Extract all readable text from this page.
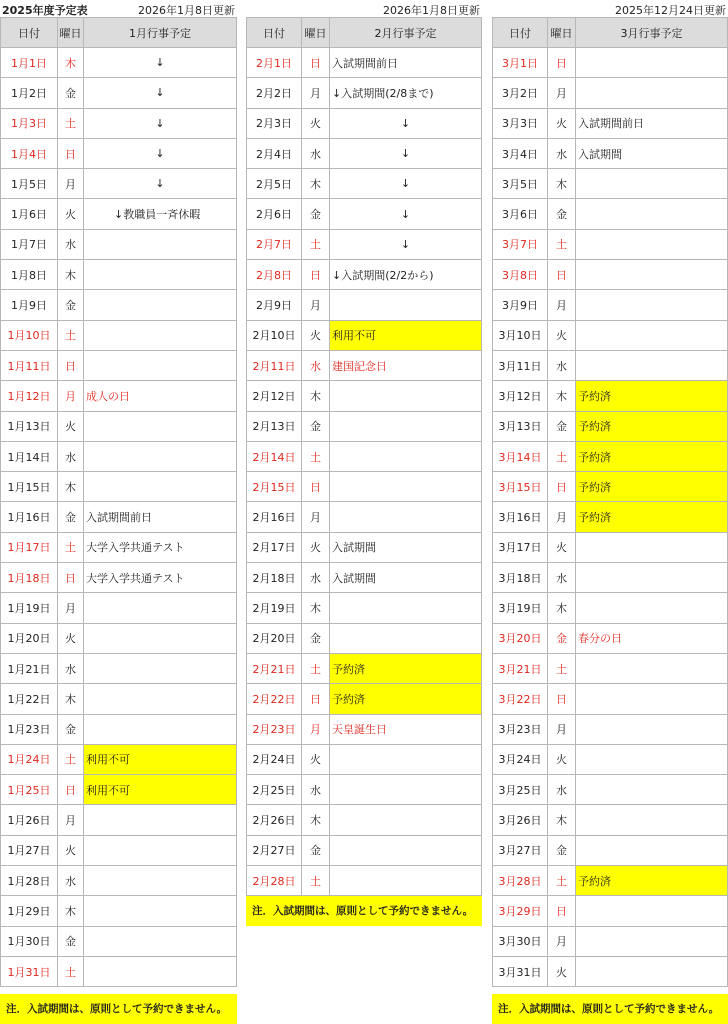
2025年度予定表	2026年1月8日更新
日付	曜日	1月行事予定
1月1日	木	↓
1月2日	金	↓
1月3日	土	↓
1月4日	日	↓
1月5日	月	↓
1月6日	火	↓教職員一斉休暇
1月7日	水	
1月8日	木	
1月9日	金	
1月10日	土	
1月11日	日	
1月12日	月	成人の日
1月13日	火	
1月14日	水	
1月15日	木	
1月16日	金	入試期間前日
1月17日	土	大学入学共通テスト
1月18日	日	大学入学共通テスト
1月19日	月	
1月20日	火	
1月21日	水	
1月22日	木	
1月23日	金	
1月24日	土	利用不可
1月25日	日	利用不可
1月26日	月	
1月27日	火	
1月28日	水	
1月29日	木	
1月30日	金	
1月31日	土	
注．入試期間は、原則として予約できません。
2026年1月8日更新
日付	曜日	2月行事予定
2月1日	日	入試期間前日
2月2日	月	↓入試期間(2/8まで)
2月3日	火	↓
2月4日	水	↓
2月5日	木	↓
2月6日	金	↓
2月7日	土	↓
2月8日	日	↓入試期間(2/2から)
2月9日	月	
2月10日	火	利用不可
2月11日	水	建国記念日
2月12日	木	
2月13日	金	
2月14日	土	
2月15日	日	
2月16日	月	
2月17日	火	入試期間
2月18日	水	入試期間
2月19日	木	
2月20日	金	
2月21日	土	予約済
2月22日	日	予約済
2月23日	月	天皇誕生日
2月24日	火	
2月25日	水	
2月26日	木	
2月27日	金	
2月28日	土	
注．入試期間は、原則として予約できません。
2025年12月24日更新
日付	曜日	3月行事予定
3月1日	日	
3月2日	月	
3月3日	火	入試期間前日
3月4日	水	入試期間
3月5日	木	
3月6日	金	
3月7日	土	
3月8日	日	
3月9日	月	
3月10日	火	
3月11日	水	
3月12日	木	予約済
3月13日	金	予約済
3月14日	土	予約済
3月15日	日	予約済
3月16日	月	予約済
3月17日	火	
3月18日	水	
3月19日	木	
3月20日	金	春分の日
3月21日	土	
3月22日	日	
3月23日	月	
3月24日	火	
3月25日	水	
3月26日	木	
3月27日	金	
3月28日	土	予約済
3月29日	日	
3月30日	月	
3月31日	火	
注．入試期間は、原則として予約できません。
